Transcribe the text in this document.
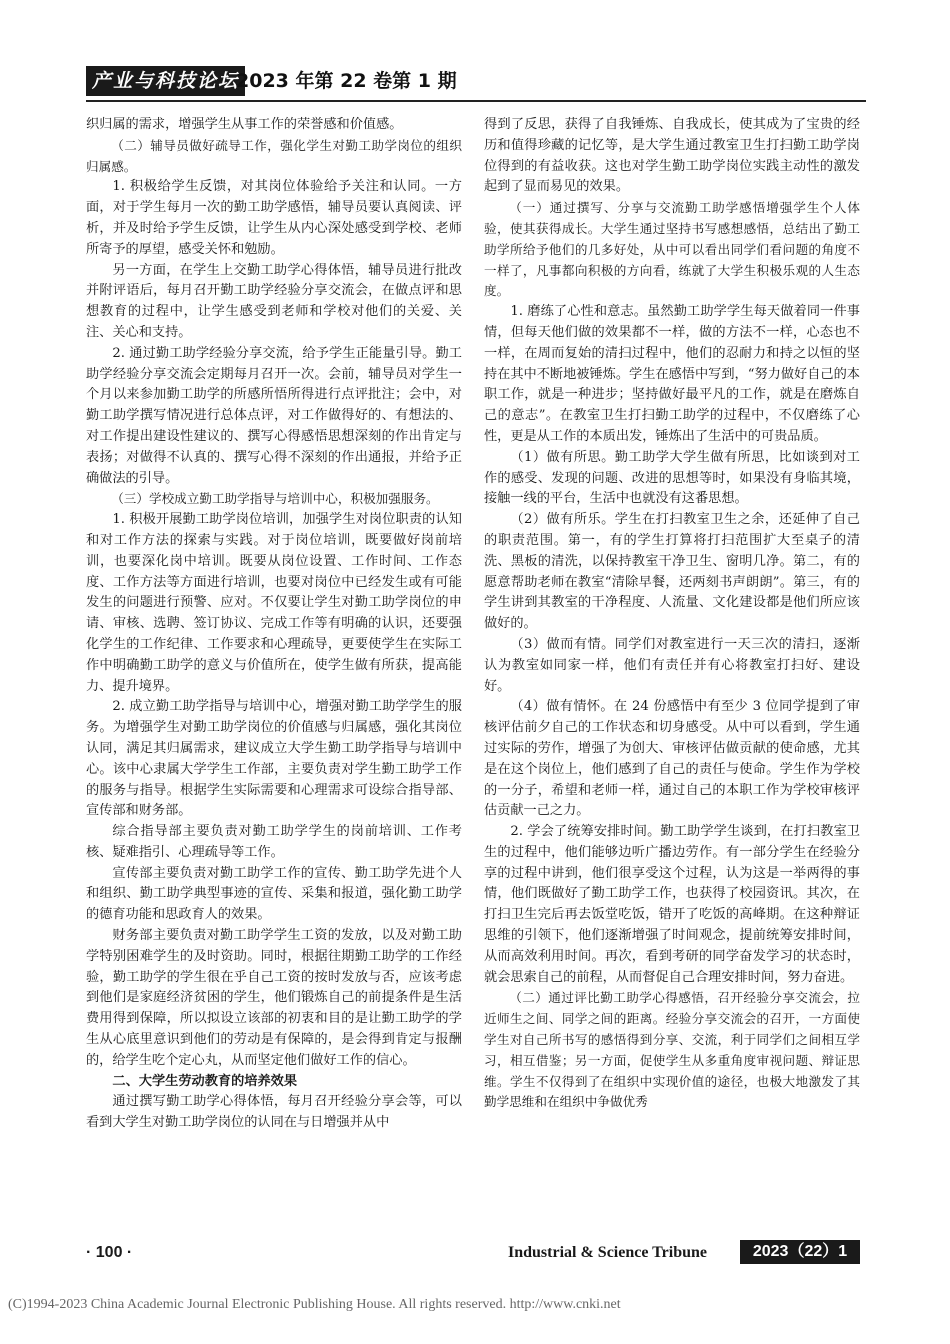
产业与科技论坛
2023 年第 22 卷第 1 期

织归属的需求，增强学生从事工作的荣誉感和价值感。

（二）辅导员做好疏导工作，强化学生对勤工助学岗位的组织归属感。

1. 积极给学生反馈，对其岗位体验给予关注和认同。一方面，对于学生每月一次的勤工助学感悟，辅导员要认真阅读、评析，并及时给予学生反馈，让学生从内心深处感受到学校、老师所寄予的厚望，感受关怀和勉励。

另一方面，在学生上交勤工助学心得体悟，辅导员进行批改并附评语后，每月召开勤工助学经验分享交流会，在做点评和思想教育的过程中，让学生感受到老师和学校对他们的关爱、关注、关心和支持。

2. 通过勤工助学经验分享交流，给予学生正能量引导。勤工助学经验分享交流会定期每月召开一次。会前，辅导员对学生一个月以来参加勤工助学的所感所悟所得进行点评批注；会中，对勤工助学撰写情况进行总体点评，对工作做得好的、有想法的、对工作提出建设性建议的、撰写心得感悟思想深刻的作出肯定与表扬；对做得不认真的、撰写心得不深刻的作出通报，并给予正确做法的引导。

（三）学校成立勤工助学指导与培训中心，积极加强服务。

1. 积极开展勤工助学岗位培训，加强学生对岗位职责的认知和对工作方法的探索与实践。对于岗位培训，既要做好岗前培训，也要深化岗中培训。既要从岗位设置、工作时间、工作态度、工作方法等方面进行培训，也要对岗位中已经发生或有可能发生的问题进行预警、应对。不仅要让学生对勤工助学岗位的申请、审核、选聘、签订协议、完成工作等有明确的认识，还要强化学生的工作纪律、工作要求和心理疏导，更要使学生在实际工作中明确勤工助学的意义与价值所在，使学生做有所获，提高能力、提升境界。

2. 成立勤工助学指导与培训中心，增强对勤工助学学生的服务。为增强学生对勤工助学岗位的价值感与归属感，强化其岗位认同，满足其归属需求，建议成立大学生勤工助学指导与培训中心。该中心隶属大学学生工作部，主要负责对学生勤工助学工作的服务与指导。根据学生实际需要和心理需求可设综合指导部、宣传部和财务部。

综合指导部主要负责对勤工助学学生的岗前培训、工作考核、疑难指引、心理疏导等工作。

宣传部主要负责对勤工助学工作的宣传、勤工助学先进个人和组织、勤工助学典型事迹的宣传、采集和报道，强化勤工助学的德育功能和思政育人的效果。

财务部主要负责对勤工助学学生工资的发放，以及对勤工助学特别困难学生的及时资助。同时，根据往期勤工助学的工作经验，勤工助学的学生很在乎自己工资的按时发放与否，应该考虑到他们是家庭经济贫困的学生，他们锻炼自己的前提条件是生活费用得到保障，所以拟设立该部的初衷和目的是让勤工助学的学生从心底里意识到他们的劳动是有保障的，是会得到肯定与报酬的，给学生吃个定心丸，从而坚定他们做好工作的信心。

二、大学生劳动教育的培养效果

通过撰写勤工助学心得体悟，每月召开经验分享会等，可以看到大学生对勤工助学岗位的认同在与日增强并从中

得到了反思，获得了自我锤炼、自我成长，使其成为了宝贵的经历和值得珍藏的记忆等，是大学生通过教室卫生打扫勤工助学岗位得到的有益收获。这也对学生勤工助学岗位实践主动性的激发起到了显而易见的效果。

（一）通过撰写、分享与交流勤工助学感悟增强学生个人体验，使其获得成长。大学生通过坚持书写感想感悟，总结出了勤工助学所给予他们的几多好处，从中可以看出同学们看问题的角度不一样了，凡事都向积极的方向看，练就了大学生积极乐观的人生态度。

1. 磨练了心性和意志。虽然勤工助学学生每天做着同一件事情，但每天他们做的效果都不一样，做的方法不一样，心态也不一样，在周而复始的清扫过程中，他们的忍耐力和持之以恒的坚持在其中不断地被锤炼。学生在感悟中写到，“努力做好自己的本职工作，就是一种进步；坚持做好最平凡的工作，就是在磨炼自己的意志”。在教室卫生打扫勤工助学的过程中，不仅磨练了心性，更是从工作的本质出发，锤炼出了生活中的可贵品质。

（1）做有所思。勤工助学大学生做有所思，比如谈到对工作的感受、发现的问题、改进的思想等时，如果没有身临其境，接触一线的平台，生活中也就没有这番思想。

（2）做有所乐。学生在打扫教室卫生之余，还延伸了自己的职责范围。第一，有的学生打算将打扫范围扩大至桌子的清洗、黑板的清洗，以保持教室干净卫生、窗明几净。第二，有的愿意帮助老师在教室“清除早餐，还两刻书声朗朗”。第三，有的学生讲到其教室的干净程度、人流量、文化建设都是他们所应该做好的。

（3）做而有情。同学们对教室进行一天三次的清扫，逐渐认为教室如同家一样，他们有责任并有心将教室打扫好、建设好。

（4）做有情怀。在 24 份感悟中有至少 3 位同学提到了审核评估前夕自己的工作状态和切身感受。从中可以看到，学生通过实际的劳作，增强了为创大、审核评估做贡献的使命感，尤其是在这个岗位上，他们感到了自己的责任与使命。学生作为学校的一分子，希望和老师一样，通过自己的本职工作为学校审核评估贡献一己之力。

2. 学会了统筹安排时间。勤工助学学生谈到，在打扫教室卫生的过程中，他们能够边听广播边劳作。有一部分学生在经验分享的过程中讲到，他们很享受这个过程，认为这是一举两得的事情，他们既做好了勤工助学工作，也获得了校园资讯。其次，在打扫卫生完后再去饭堂吃饭，错开了吃饭的高峰期。在这种辩证思维的引领下，他们逐渐增强了时间观念，提前统筹安排时间，从而高效利用时间。再次，看到考研的同学奋发学习的状态时，就会思索自己的前程，从而督促自己合理安排时间，努力奋进。

（二）通过评比勤工助学心得感悟，召开经验分享交流会，拉近师生之间、同学之间的距离。经验分享交流会的召开，一方面使学生对自己所书写的感悟得到分享、交流，利于同学们之间相互学习，相互借鉴；另一方面，促使学生从多重角度审视问题、辩证思维。学生不仅得到了在组织中实现价值的途径，也极大地激发了其勤学思维和在组织中争做优秀

· 100 ·	Industrial & Science Tribune	2023（22）1
(C)1994-2023 China Academic Journal Electronic Publishing House. All rights reserved. http://www.cnki.net
